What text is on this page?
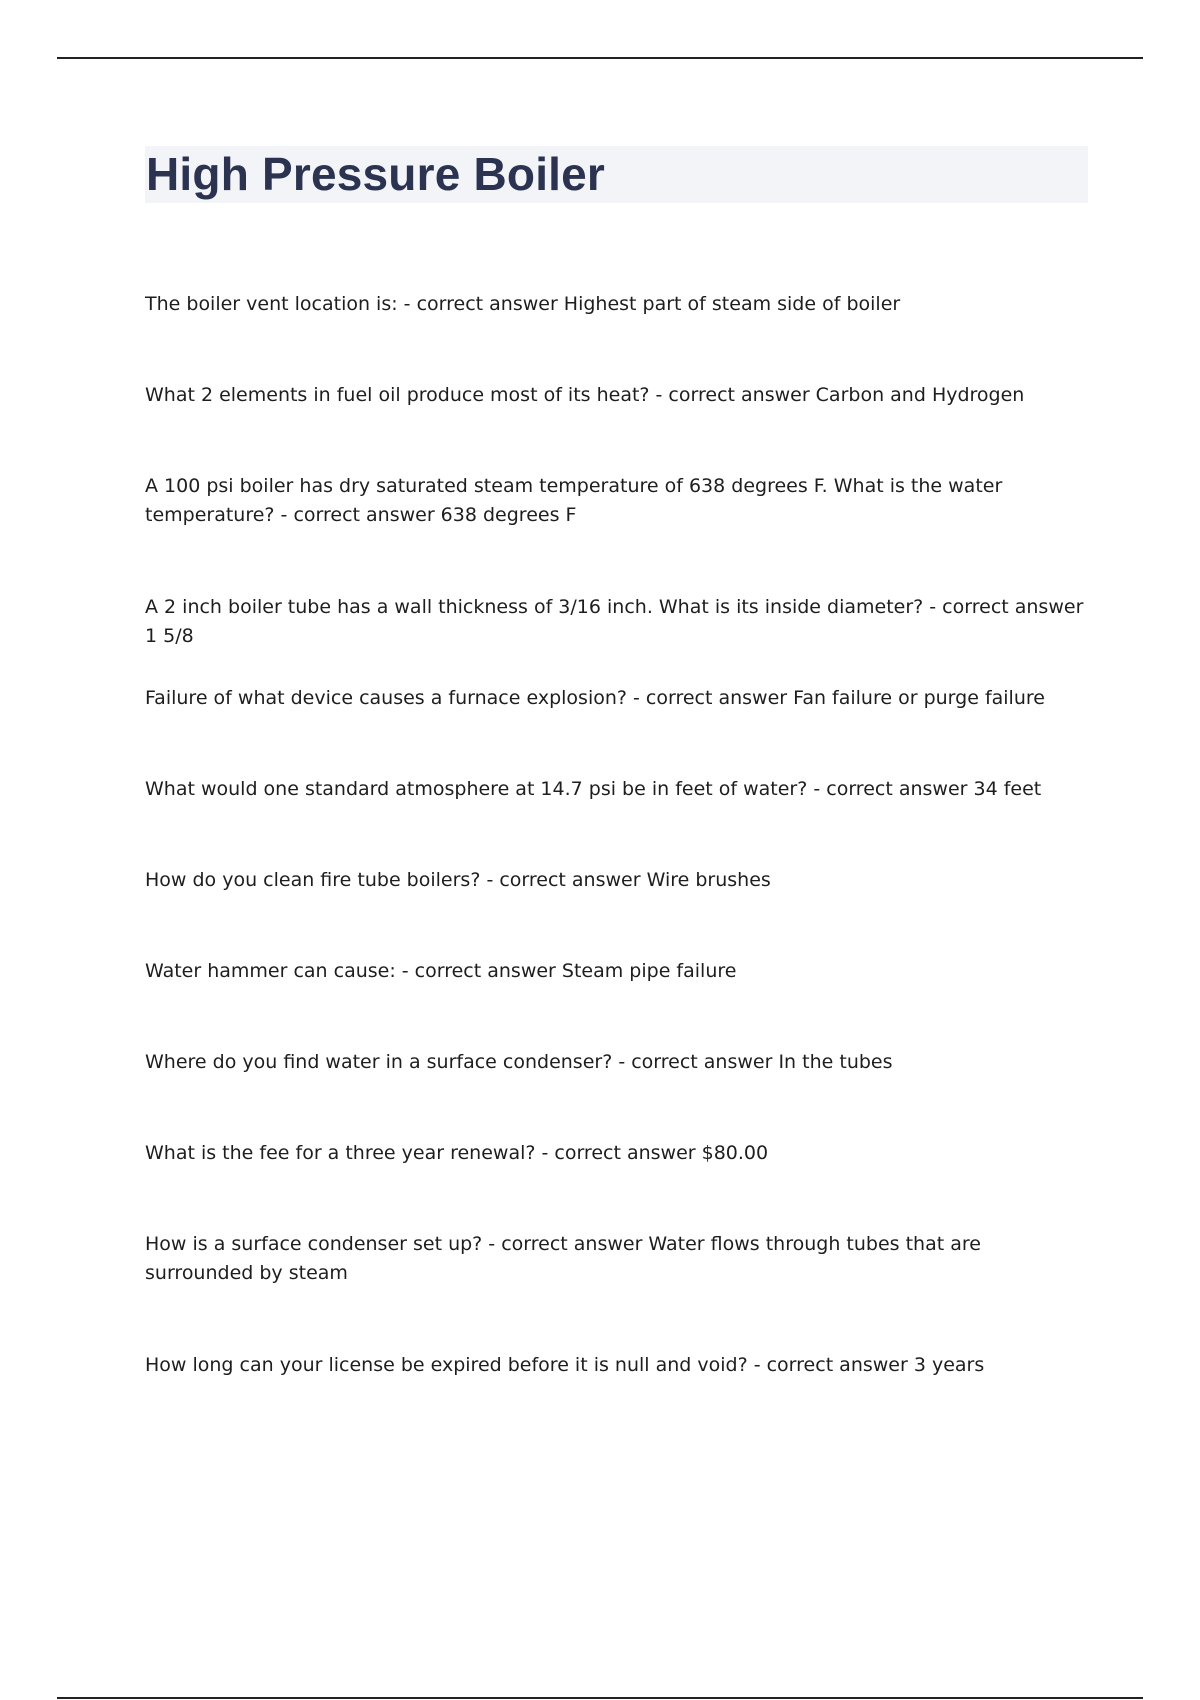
High Pressure Boiler

The boiler vent location is: - correct answer Highest part of steam side of boiler

What 2 elements in fuel oil produce most of its heat? - correct answer Carbon and Hydrogen

A 100 psi boiler has dry saturated steam temperature of 638 degrees F. What is the water temperature? - correct answer 638 degrees F

A 2 inch boiler tube has a wall thickness of 3/16 inch. What is its inside diameter? - correct answer 1 5/8

Failure of what device causes a furnace explosion? - correct answer Fan failure or purge failure

What would one standard atmosphere at 14.7 psi be in feet of water? - correct answer 34 feet

How do you clean fire tube boilers? - correct answer Wire brushes

Water hammer can cause: - correct answer Steam pipe failure

Where do you find water in a surface condenser? - correct answer In the tubes

What is the fee for a three year renewal? - correct answer $80.00

How is a surface condenser set up? - correct answer Water flows through tubes that are surrounded by steam

How long can your license be expired before it is null and void? - correct answer 3 years
